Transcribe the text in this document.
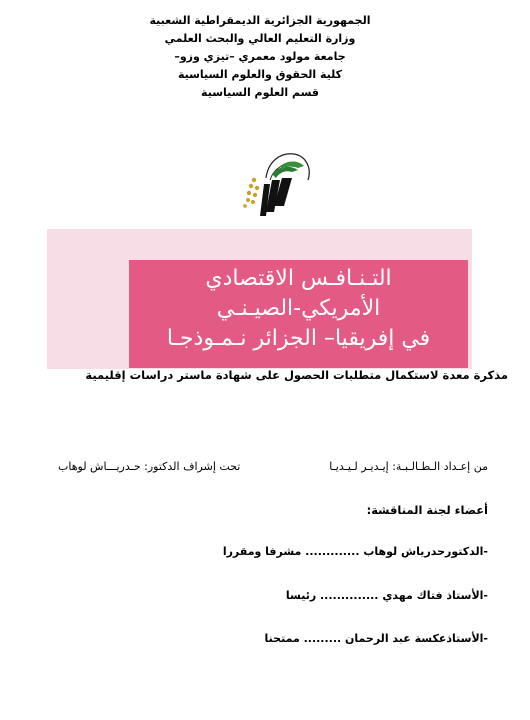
الجمهورية الجزائرية الديمقراطية الشعبية
وزارة التعليم العالي والبحث العلمي
جامعة مولود معمري –تيزي وزو–
كلية الحقوق والعلوم السياسية
قسم العلوم السياسية
التـنـافـس الاقتصادي
الأمريكي-الصيـنـي
في إفريقيا– الجزائر نـمـوذجـا
مذكرة معدة لاستكمال متطلبات الحصول على شهادة ماستر دراسات إقليمية
من إعـداد الـطـالـبـة: إيـديـر لـيـديـا
تحت إشراف الدكتور: حـدريـــاش لوهاب
أعضاء لجنة المناقشة:
-الدكتورحدرياش لوهاب ............. مشرفا ومقررا
-الأستاذ فتاك مهدي .............. رئيسا
-الأستاذعكسة عبد الرحمان ......... ممتحنا
